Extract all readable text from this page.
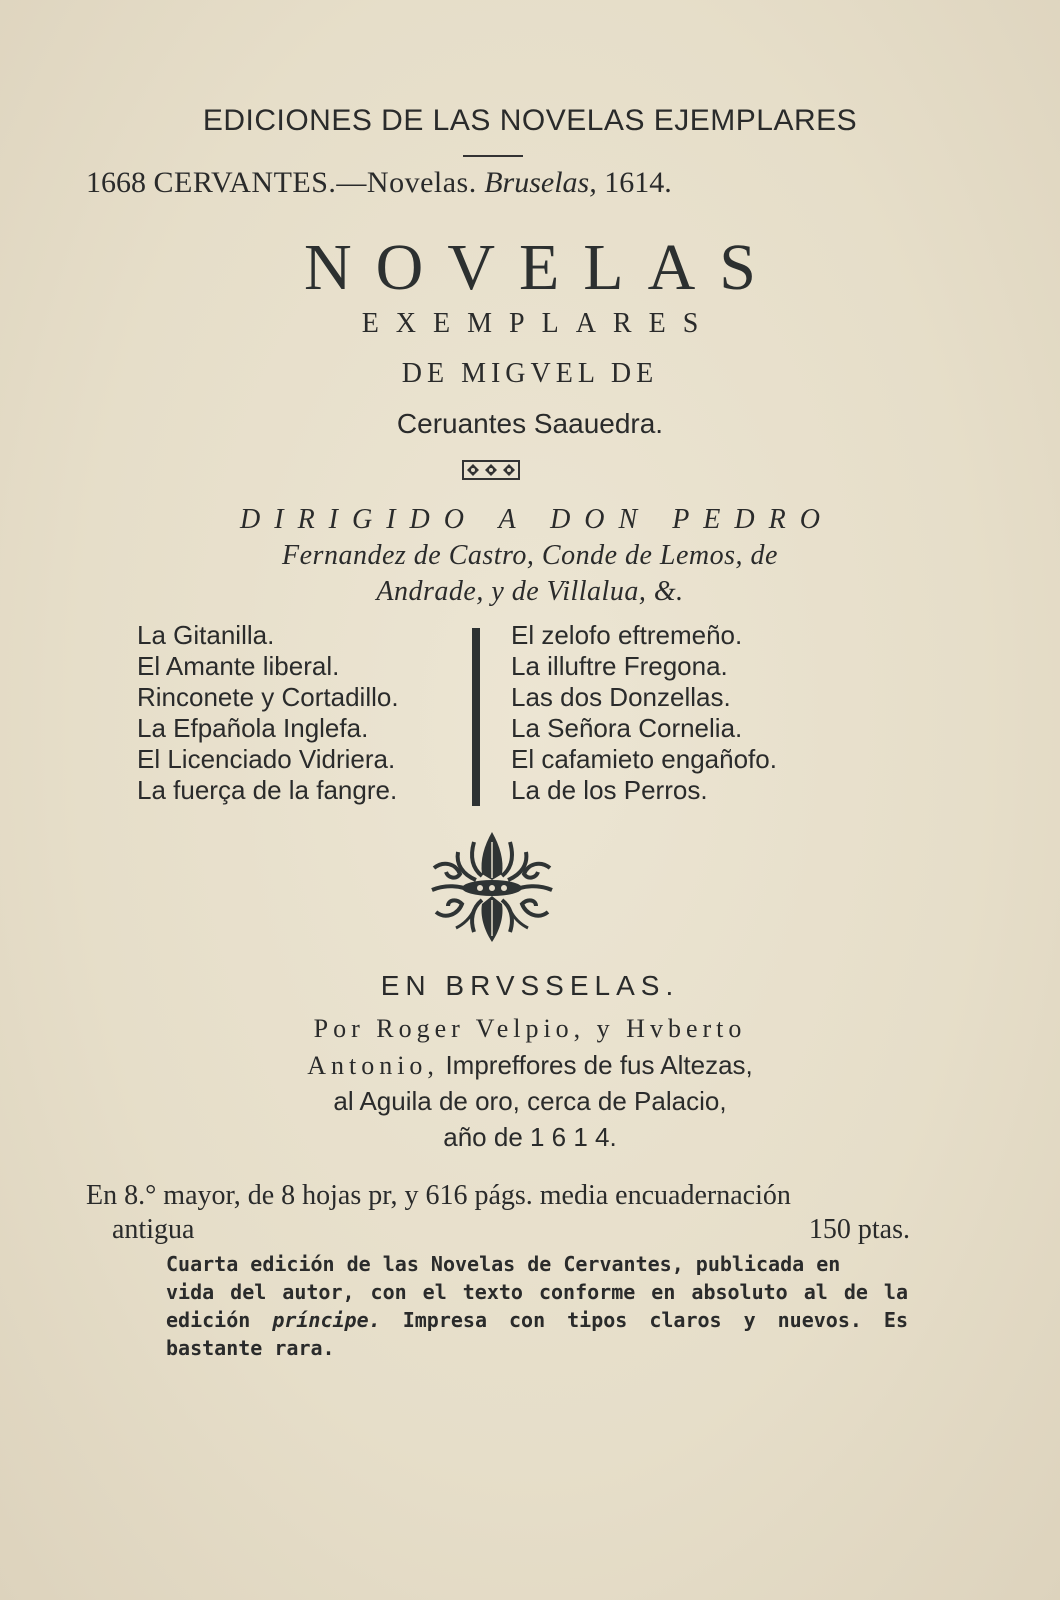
EDICIONES DE LAS NOVELAS EJEMPLARES
1668 CERVANTES.—Novelas. Bruselas, 1614.
NOVELAS
EXEMPLARES
DE MIGVEL DE
Ceruantes Saauedra.
DIRIGIDO A DON PEDRO
Fernandez de Castro, Conde de Lemos, de
Andrade, y de Villalua, &.
La Gitanilla.
El Amante liberal.
Rinconete y Cortadillo.
La Efpañola Inglefa.
El Licenciado Vidriera.
La fuerça de la fangre.
El zelofo eftremeño.
La illuftre Fregona.
Las dos Donzellas.
La Señora Cornelia.
El cafamieto engañofo.
La de los Perros.
EN BRVSSELAS.
Por Roger Velpio, y Hvberto
Antonio, Impreffores de fus Altezas,
al Aguila de oro, cerca de Palacio,
año de 1 6 1 4.
En 8.° mayor, de 8 hojas pr, y 616 págs. media encuadernación
antigua	150 ptas.
Cuarta edición de las Novelas de Cervantes, publicada en
vida del autor, con el texto conforme en absoluto al de la edición príncipe. Impresa con tipos claros y nuevos. Es bastante rara.
